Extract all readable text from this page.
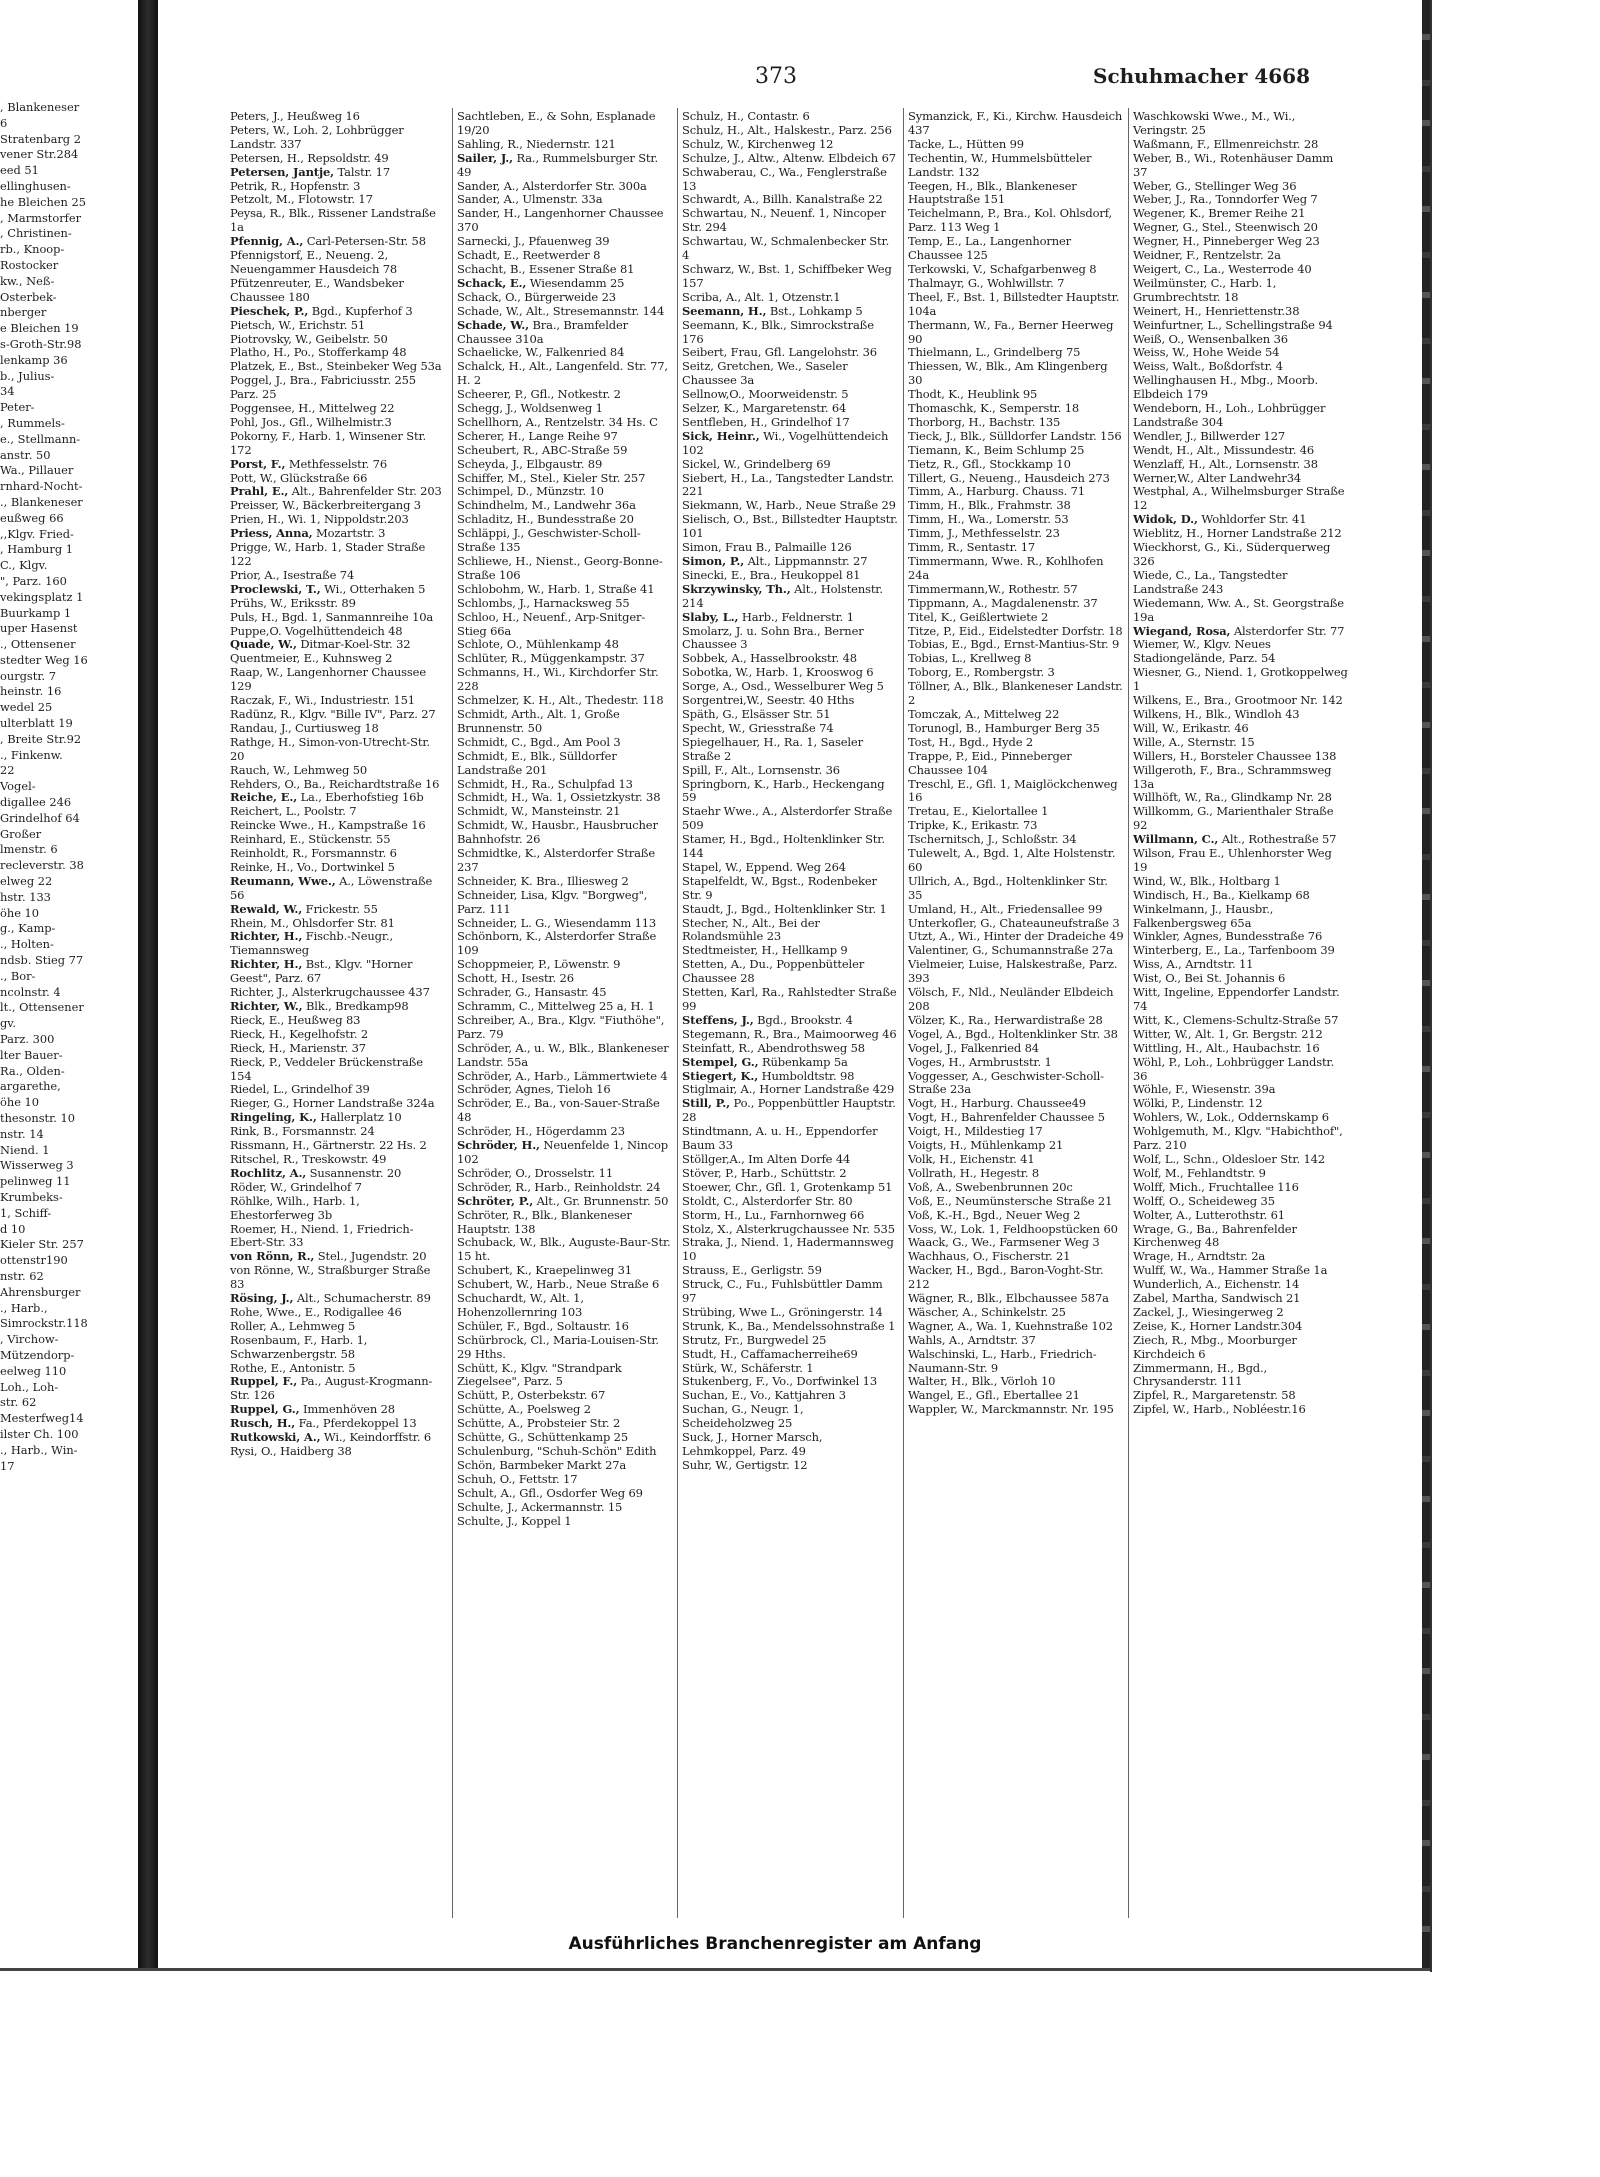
, Blankeneser
6
Stratenbarg 2
vener Str.284
eed 51
ellinghusen-
he Bleichen 25
, Marmstorfer
, Christinen-
rb., Knoop-
Rostocker
kw., Neß-
Osterbek-
nberger
e Bleichen 19
s-Groth-Str.98
lenkamp 36
b., Julius-
34
Peter-
, Rummels-
e., Stellmann-
anstr. 50
Wa., Pillauer
rnhard-Nocht-
., Blankeneser
eußweg 66
,,Klgv. Fried-
, Hamburg 1
C., Klgv.
", Parz. 160
vekingsplatz 1
Buurkamp 1
uper Hasenst
., Ottensener
stedter Weg 16
ourgstr. 7
heinstr. 16
wedel 25
ulterblatt 19
, Breite Str.92
., Finkenw.
22
Vogel-
digallee 246
Grindelhof 64
Großer
lmenstr. 6
recleverstr. 38
elweg 22
hstr. 133
öhe 10
g., Kamp-
., Holten-
ndsb. Stieg 77
., Bor-
ncolnstr. 4
lt., Ottensener
gv.
Parz. 300
lter Bauer-
Ra., Olden-
argarethe,
öhe 10
thesonstr. 10
nstr. 14
Niend. 1
Wisserweg 3
pelinweg 11
Krumbeks-
1, Schiff-
d 10
Kieler Str. 257
ottenstr190
nstr. 62
Ahrensburger
., Harb.,
Simrockstr.118
, Virchow-
Mützendorp-
eelweg 110
Loh., Loh-
str. 62
Mesterfweg14
ilster Ch. 100
., Harb., Win-
17
373	Schuhmacher 4668
Peters, J., Heußweg 16
Peters, W., Loh. 2, Lohbrügger Landstr. 337
Petersen, H., Repsoldstr. 49
Petersen, Jantje, Talstr. 17
Petrik, R., Hopfenstr. 3
Petzolt, M., Flotowstr. 17
Peysa, R., Blk., Rissener Landstraße 1a
Pfennig, A., Carl-Petersen-Str. 58
Pfennigstorf, E., Neueng. 2, Neuengammer Hausdeich 78
Pfützenreuter, E., Wandsbeker Chaussee 180
Pieschek, P., Bgd., Kupferhof 3
Pietsch, W., Erichstr. 51
Piotrovsky, W., Geibelstr. 50
Platho, H., Po., Stofferkamp 48
Platzek, E., Bst., Steinbeker Weg 53a
Poggel, J., Bra., Fabriciusstr. 255 Parz. 25
Poggensee, H., Mittelweg 22
Pohl, Jos., Gfl., Wilhelmistr.3
Pokorny, F., Harb. 1, Winsener Str. 172
Porst, F., Methfesselstr. 76
Pott, W., Glückstraße 66
Prahl, E., Alt., Bahrenfelder Str. 203
Preisser, W., Bäckerbreitergang 3
Prien, H., Wi. 1, Nippoldstr.203
Priess, Anna, Mozartstr. 3
Prigge, W., Harb. 1, Stader Straße 122
Prior, A., Isestraße 74
Proclewski, T., Wi., Otterhaken 5
Prühs, W., Eriksstr. 89
Puls, H., Bgd. 1, Sanmannreihe 10a
Puppe,O. Vogelhüttendeich 48
Quade, W., Ditmar-Koel-Str. 32
Quentmeier, E., Kuhnsweg 2
Raap, W., Langenhorner Chaussee 129
Raczak, F., Wi., Industriestr. 151
Radünz, R., Klgv. "Bille IV", Parz. 27
Randau, J., Curtiusweg 18
Rathge, H., Simon-von-Utrecht-Str. 20
Rauch, W., Lehmweg 50
Rehders, O., Ba., Reichardtstraße 16
Reiche, E., La., Eberhofstieg 16b
Reichert, L., Poolstr. 7
Reincke Wwe., H., Kampstraße 16
Reinhard, E., Stückenstr. 55
Reinholdt, R., Forsmannstr. 6
Reinke, H., Vo., Dortwinkel 5
Reumann, Wwe., A., Löwenstraße 56
Rewald, W., Frickestr. 55
Rhein, M., Ohlsdorfer Str. 81
Richter, H., Fischb.-Neugr., Tiemannsweg
Richter, H., Bst., Klgv. "Horner Geest", Parz. 67
Richter, J., Alsterkrugchaussee 437
Richter, W., Blk., Bredkamp98
Rieck, E., Heußweg 83
Rieck, H., Kegelhofstr. 2
Rieck, H., Marienstr. 37
Rieck, P., Veddeler Brückenstraße 154
Riedel, L., Grindelhof 39
Rieger, G., Horner Landstraße 324a
Ringeling, K., Hallerplatz 10
Rink, B., Forsmannstr. 24
Rissmann, H., Gärtnerstr. 22 Hs. 2
Ritschel, R., Treskowstr. 49
Rochlitz, A., Susannenstr. 20
Röder, W., Grindelhof 7
Röhlke, Wilh., Harb. 1, Ehestorferweg 3b
Roemer, H., Niend. 1, Friedrich-Ebert-Str. 33
von Rönn, R., Stel., Jugendstr. 20
von Rönne, W., Straßburger Straße 83
Rösing, J., Alt., Schumacherstr. 89
Rohe, Wwe., E., Rodigallee 46
Roller, A., Lehmweg 5
Rosenbaum, F., Harb. 1, Schwarzenbergstr. 58
Rothe, E., Antonistr. 5
Ruppel, F., Pa., August-Krogmann-Str. 126
Ruppel, G., Immenhöven 28
Rusch, H., Fa., Pferdekoppel 13
Rutkowski, A., Wi., Keindorffstr. 6
Rysi, O., Haidberg 38
Sachtleben, E., & Sohn, Esplanade 19/20
Sahling, R., Niedernstr. 121
Sailer, J., Ra., Rummelsburger Str. 49
Sander, A., Alsterdorfer Str. 300a
Sander, A., Ulmenstr. 33a
Sander, H., Langenhorner Chaussee 370
Sarnecki, J., Pfauenweg 39
Schadt, E., Reetwerder 8
Schacht, B., Essener Straße 81
Schack, E., Wiesendamm 25
Schack, O., Bürgerweide 23
Schade, W., Alt., Stresemannstr. 144
Schade, W., Bra., Bramfelder Chaussee 310a
Schaelicke, W., Falkenried 84
Schalck, H., Alt., Langenfeld. Str. 77, H. 2
Scheerer, P., Gfl., Notkestr. 2
Schegg, J., Woldsenweg 1
Schellhorn, A., Rentzelstr. 34 Hs. C
Scherer, H., Lange Reihe 97
Scheubert, R., ABC-Straße 59
Scheyda, J., Elbgaustr. 89
Schiffer, M., Stel., Kieler Str. 257
Schimpel, D., Münzstr. 10
Schindhelm, M., Landwehr 36a
Schladitz, H., Bundesstraße 20
Schläppi, J., Geschwister-Scholl-Straße 135
Schliewe, H., Nienst., Georg-Bonne-Straße 106
Schlobohm, W., Harb. 1, Straße 41
Schlombs, J., Harnacksweg 55
Schloo, H., Neuenf., Arp-Snitger-Stieg 66a
Schlote, O., Mühlenkamp 48
Schlüter, R., Müggenkampstr. 37
Schmanns, H., Wi., Kirchdorfer Str. 228
Schmelzer, K. H., Alt., Thedestr. 118
Schmidt, Arth., Alt. 1, Große Brunnenstr. 50
Schmidt, C., Bgd., Am Pool 3
Schmidt, E., Blk., Sülldorfer Landstraße 201
Schmidt, H., Ra., Schulpfad 13
Schmidt, H., Wa. 1, Ossietzkystr. 38
Schmidt, W., Mansteinstr. 21
Schmidt, W., Hausbr., Hausbrucher Bahnhofstr. 26
Schmidtke, K., Alsterdorfer Straße 237
Schneider, K. Bra., Illiesweg 2
Schneider, Lisa, Klgv. "Borgweg", Parz. 111
Schneider, L. G., Wiesendamm 113
Schönborn, K., Alsterdorfer Straße 109
Schoppmeier, P., Löwenstr. 9
Schott, H., Isestr. 26
Schrader, G., Hansastr. 45
Schramm, C., Mittelweg 25 a, H. 1
Schreiber, A., Bra., Klgv. "Fiuthöhe", Parz. 79
Schröder, A., u. W., Blk., Blankeneser Landstr. 55a
Schröder, A., Harb., Lämmertwiete 4
Schröder, Agnes, Tieloh 16
Schröder, E., Ba., von-Sauer-Straße 48
Schröder, H., Högerdamm 23
Schröder, H., Neuenfelde 1, Nincop 102
Schröder, O., Drosselstr. 11
Schröder, R., Harb., Reinholdstr. 24
Schröter, P., Alt., Gr. Brunnenstr. 50
Schröter, R., Blk., Blankeneser Hauptstr. 138
Schuback, W., Blk., Auguste-Baur-Str. 15 ht.
Schubert, K., Kraepelinweg 31
Schubert, W., Harb., Neue Straße 6
Schuchardt, W., Alt. 1, Hohenzollernring 103
Schüler, F., Bgd., Soltaustr. 16
Schürbrock, Cl., Maria-Louisen-Str. 29 Hths.
Schütt, K., Klgv. "Strandpark Ziegelsee", Parz. 5
Schütt, P., Osterbekstr. 67
Schütte, A., Poelsweg 2
Schütte, A., Probsteier Str. 2
Schütte, G., Schüttenkamp 25
Schulenburg, "Schuh-Schön" Edith Schön, Barmbeker Markt 27a
Schuh, O., Fettstr. 17
Schult, A., Gfl., Osdorfer Weg 69
Schulte, J., Ackermannstr. 15
Schulte, J., Koppel 1
Schulz, H., Contastr. 6
Schulz, H., Alt., Halskestr., Parz. 256
Schulz, W., Kirchenweg 12
Schulze, J., Altw., Altenw. Elbdeich 67
Schwaberau, C., Wa., Fenglerstraße 13
Schwardt, A., Billh. Kanalstraße 22
Schwartau, N., Neuenf. 1, Nincoper Str. 294
Schwartau, W., Schmalenbecker Str. 4
Schwarz, W., Bst. 1, Schiffbeker Weg 157
Scriba, A., Alt. 1, Otzenstr.1
Seemann, H., Bst., Lohkamp 5
Seemann, K., Blk., Simrockstraße 176
Seibert, Frau, Gfl. Langelohstr. 36
Seitz, Gretchen, We., Saseler Chaussee 3a
Sellnow,O., Moorweidenstr. 5
Selzer, K., Margaretenstr. 64
Sentfleben, H., Grindelhof 17
Sick, Heinr., Wi., Vogelhüttendeich 102
Sickel, W., Grindelberg 69
Siebert, H., La., Tangstedter Landstr. 221
Siekmann, W., Harb., Neue Straße 29
Sielisch, O., Bst., Billstedter Hauptstr. 101
Simon, Frau B., Palmaille 126
Simon, P., Alt., Lippmannstr. 27
Sinecki, E., Bra., Heukoppel 81
Skrzywinsky, Th., Alt., Holstenstr. 214
Slaby, L., Harb., Feldnerstr. 1
Smolarz, J. u. Sohn Bra., Berner Chaussee 3
Sobbek, A., Hasselbrookstr. 48
Sobotka, W., Harb. 1, Krooswog 6
Sorge, A., Osd., Wesselburer Weg 5
Sorgentrei,W., Seestr. 40 Hths
Späth, G., Elsässer Str. 51
Specht, W., Griesstraße 74
Spiegelhauer, H., Ra. 1, Saseler Straße 2
Spill, F., Alt., Lornsenstr. 36
Springborn, K., Harb., Heckengang 59
Staehr Wwe., A., Alsterdorfer Straße 509
Stamer, H., Bgd., Holtenklinker Str. 144
Stapel, W., Eppend. Weg 264
Stapelfeldt, W., Bgst., Rodenbeker Str. 9
Staudt, J., Bgd., Holtenklinker Str. 1
Stecher, N., Alt., Bei der Rolandsmühle 23
Stedtmeister, H., Hellkamp 9
Stetten, A., Du., Poppenbütteler Chaussee 28
Stetten, Karl, Ra., Rahlstedter Straße 99
Steffens, J., Bgd., Brookstr. 4
Stegemann, R., Bra., Maimoorweg 46
Steinfatt, R., Abendrothsweg 58
Stempel, G., Rübenkamp 5a
Stiegert, K., Humboldtstr. 98
Stiglmair, A., Horner Landstraße 429
Still, P., Po., Poppenbüttler Hauptstr. 28
Stindtmann, A. u. H., Eppendorfer Baum 33
Stöllger,A., Im Alten Dorfe 44
Stöver, P., Harb., Schüttstr. 2
Stoewer, Chr., Gfl. 1, Grotenkamp 51
Stoldt, C., Alsterdorfer Str. 80
Storm, H., Lu., Farnhornweg 66
Stolz, X., Alsterkrugchaussee Nr. 535
Straka, J., Niend. 1, Hadermannsweg 10
Strauss, E., Gerligstr. 59
Struck, C., Fu., Fuhlsbüttler Damm 97
Strübing, Wwe L., Gröningerstr. 14
Strunk, K., Ba., Mendelssohnstraße 1
Strutz, Fr., Burgwedel 25
Studt, H., Caffamacherreihe69
Stürk, W., Schäferstr. 1
Stukenberg, F., Vo., Dorfwinkel 13
Suchan, E., Vo., Kattjahren 3
Suchan, G., Neugr. 1, Scheideholzweg 25
Suck, J., Horner Marsch, Lehmkoppel, Parz. 49
Suhr, W., Gertigstr. 12
Symanzick, F., Ki., Kirchw. Hausdeich 437
Tacke, L., Hütten 99
Techentin, W., Hummelsbütteler Landstr. 132
Teegen, H., Blk., Blankeneser Hauptstraße 151
Teichelmann, P., Bra., Kol. Ohlsdorf, Parz. 113 Weg 1
Temp, E., La., Langenhorner Chaussee 125
Terkowski, V., Schafgarbenweg 8
Thalmayr, G., Wohlwillstr. 7
Theel, F., Bst. 1, Billstedter Hauptstr. 104a
Thermann, W., Fa., Berner Heerweg 90
Thielmann, L., Grindelberg 75
Thiessen, W., Blk., Am Klingenberg 30
Thodt, K., Heublink 95
Thomaschk, K., Semperstr. 18
Thorborg, H., Bachstr. 135
Tieck, J., Blk., Sülldorfer Landstr. 156
Tiemann, K., Beim Schlump 25
Tietz, R., Gfl., Stockkamp 10
Tillert, G., Neueng., Hausdeich 273
Timm, A., Harburg. Chauss. 71
Timm, H., Blk., Frahmstr. 38
Timm, H., Wa., Lomerstr. 53
Timm, J., Methfesselstr. 23
Timm, R., Sentastr. 17
Timmermann, Wwe. R., Kohlhofen 24a
Timmermann,W., Rothestr. 57
Tippmann, A., Magdalenenstr. 37
Titel, K., Geißlertwiete 2
Titze, P., Eid., Eidelstedter Dorfstr. 18
Tobias, E., Bgd., Ernst-Mantius-Str. 9
Tobias, L., Krellweg 8
Toborg, E., Rombergstr. 3
Töllner, A., Blk., Blankeneser Landstr. 2
Tomczak, A., Mittelweg 22
Torunogl, B., Hamburger Berg 35
Tost, H., Bgd., Hyde 2
Trappe, P., Eid., Pinneberger Chaussee 104
Treschl, E., Gfl. 1, Maiglöckchenweg 16
Tretau, E., Kielortallee 1
Tripke, K., Erikastr. 73
Tschernitsch, J., Schloßstr. 34
Tulewelt, A., Bgd. 1, Alte Holstenstr. 60
Ullrich, A., Bgd., Holtenklinker Str. 35
Umland, H., Alt., Friedensallee 99
Unterkofler, G., Chateauneufstraße 3
Utzt, A., Wi., Hinter der Dradeiche 49
Valentiner, G., Schumannstraße 27a
Vielmeier, Luise, Halskestraße, Parz. 393
Völsch, F., Nld., Neuländer Elbdeich 208
Völzer, K., Ra., Herwardistraße 28
Vogel, A., Bgd., Holtenklinker Str. 38
Vogel, J., Falkenried 84
Voges, H., Armbruststr. 1
Voggesser, A., Geschwister-Scholl-Straße 23a
Vogt, H., Harburg. Chaussee49
Vogt, H., Bahrenfelder Chaussee 5
Voigt, H., Mildestieg 17
Voigts, H., Mühlenkamp 21
Volk, H., Eichenstr. 41
Vollrath, H., Hegestr. 8
Voß, A., Swebenbrunnen 20c
Voß, E., Neumünstersche Straße 21
Voß, K.-H., Bgd., Neuer Weg 2
Voss, W., Lok. 1, Feldhoopstücken 60
Waack, G., We., Farmsener Weg 3
Wachhaus, O., Fischerstr. 21
Wacker, H., Bgd., Baron-Voght-Str. 212
Wägner, R., Blk., Elbchaussee 587a
Wäscher, A., Schinkelstr. 25
Wagner, A., Wa. 1, Kuehnstraße 102
Wahls, A., Arndtstr. 37
Walschinski, L., Harb., Friedrich-Naumann-Str. 9
Walter, H., Blk., Vörloh 10
Wangel, E., Gfl., Ebertallee 21
Wappler, W., Marckmannstr. Nr. 195
Waschkowski Wwe., M., Wi., Veringstr. 25
Waßmann, F., Ellmenreichstr. 28
Weber, B., Wi., Rotenhäuser Damm 37
Weber, G., Stellinger Weg 36
Weber, J., Ra., Tonndorfer Weg 7
Wegener, K., Bremer Reihe 21
Wegner, G., Stel., Steenwisch 20
Wegner, H., Pinneberger Weg 23
Weidner, F., Rentzelstr. 2a
Weigert, C., La., Westerrode 40
Weilmünster, C., Harb. 1, Grumbrechtstr. 18
Weinert, H., Henriettenstr.38
Weinfurtner, L., Schellingstraße 94
Weiß, O., Wensenbalken 36
Weiss, W., Hohe Weide 54
Weiss, Walt., Boßdorfstr. 4
Wellinghausen H., Mbg., Moorb. Elbdeich 179
Wendeborn, H., Loh., Lohbrügger Landstraße 304
Wendler, J., Billwerder 127
Wendt, H., Alt., Missundestr. 46
Wenzlaff, H., Alt., Lornsenstr. 38
Werner,W., Alter Landwehr34
Westphal, A., Wilhelmsburger Straße 12
Widok, D., Wohldorfer Str. 41
Wieblitz, H., Horner Landstraße 212
Wieckhorst, G., Ki., Süderquerweg 326
Wiede, C., La., Tangstedter Landstraße 243
Wiedemann, Ww. A., St. Georgstraße 19a
Wiegand, Rosa, Alsterdorfer Str. 77
Wiemer, W., Klgv. Neues Stadiongelände, Parz. 54
Wiesner, G., Niend. 1, Grotkoppelweg 1
Wilkens, E., Bra., Grootmoor Nr. 142
Wilkens, H., Blk., Windloh 43
Will, W., Erikastr. 46
Wille, A., Sternstr. 15
Willers, H., Borsteler Chaussee 138
Willgeroth, F., Bra., Schrammsweg 13a
Willhöft, W., Ra., Glindkamp Nr. 28
Willkomm, G., Marienthaler Straße 92
Willmann, C., Alt., Rothestraße 57
Wilson, Frau E., Uhlenhorster Weg 19
Wind, W., Blk., Holtbarg 1
Windisch, H., Ba., Kielkamp 68
Winkelmann, J., Hausbr., Falkenbergsweg 65a
Winkler, Agnes, Bundesstraße 76
Winterberg, E., La., Tarfenboom 39
Wiss, A., Arndtstr. 11
Wist, O., Bei St. Johannis 6
Witt, Ingeline, Eppendorfer Landstr. 74
Witt, K., Clemens-Schultz-Straße 57
Witter, W., Alt. 1, Gr. Bergstr. 212
Wittling, H., Alt., Haubachstr. 16
Wöhl, P., Loh., Lohbrügger Landstr. 36
Wöhle, F., Wiesenstr. 39a
Wölki, P., Lindenstr. 12
Wohlers, W., Lok., Oddernskamp 6
Wohlgemuth, M., Klgv. "Habichthof", Parz. 210
Wolf, L., Schn., Oldesloer Str. 142
Wolf, M., Fehlandtstr. 9
Wolff, Mich., Fruchtallee 116
Wolff, O., Scheideweg 35
Wolter, A., Lutterothstr. 61
Wrage, G., Ba., Bahrenfelder Kirchenweg 48
Wrage, H., Arndtstr. 2a
Wulff, W., Wa., Hammer Straße 1a
Wunderlich, A., Eichenstr. 14
Zabel, Martha, Sandwisch 21
Zackel, J., Wiesingerweg 2
Zeise, K., Horner Landstr.304
Ziech, R., Mbg., Moorburger Kirchdeich 6
Zimmermann, H., Bgd., Chrysanderstr. 111
Zipfel, R., Margaretenstr. 58
Zipfel, W., Harb., Nobléestr.16
Ausführliches Branchenregister am Anfang
